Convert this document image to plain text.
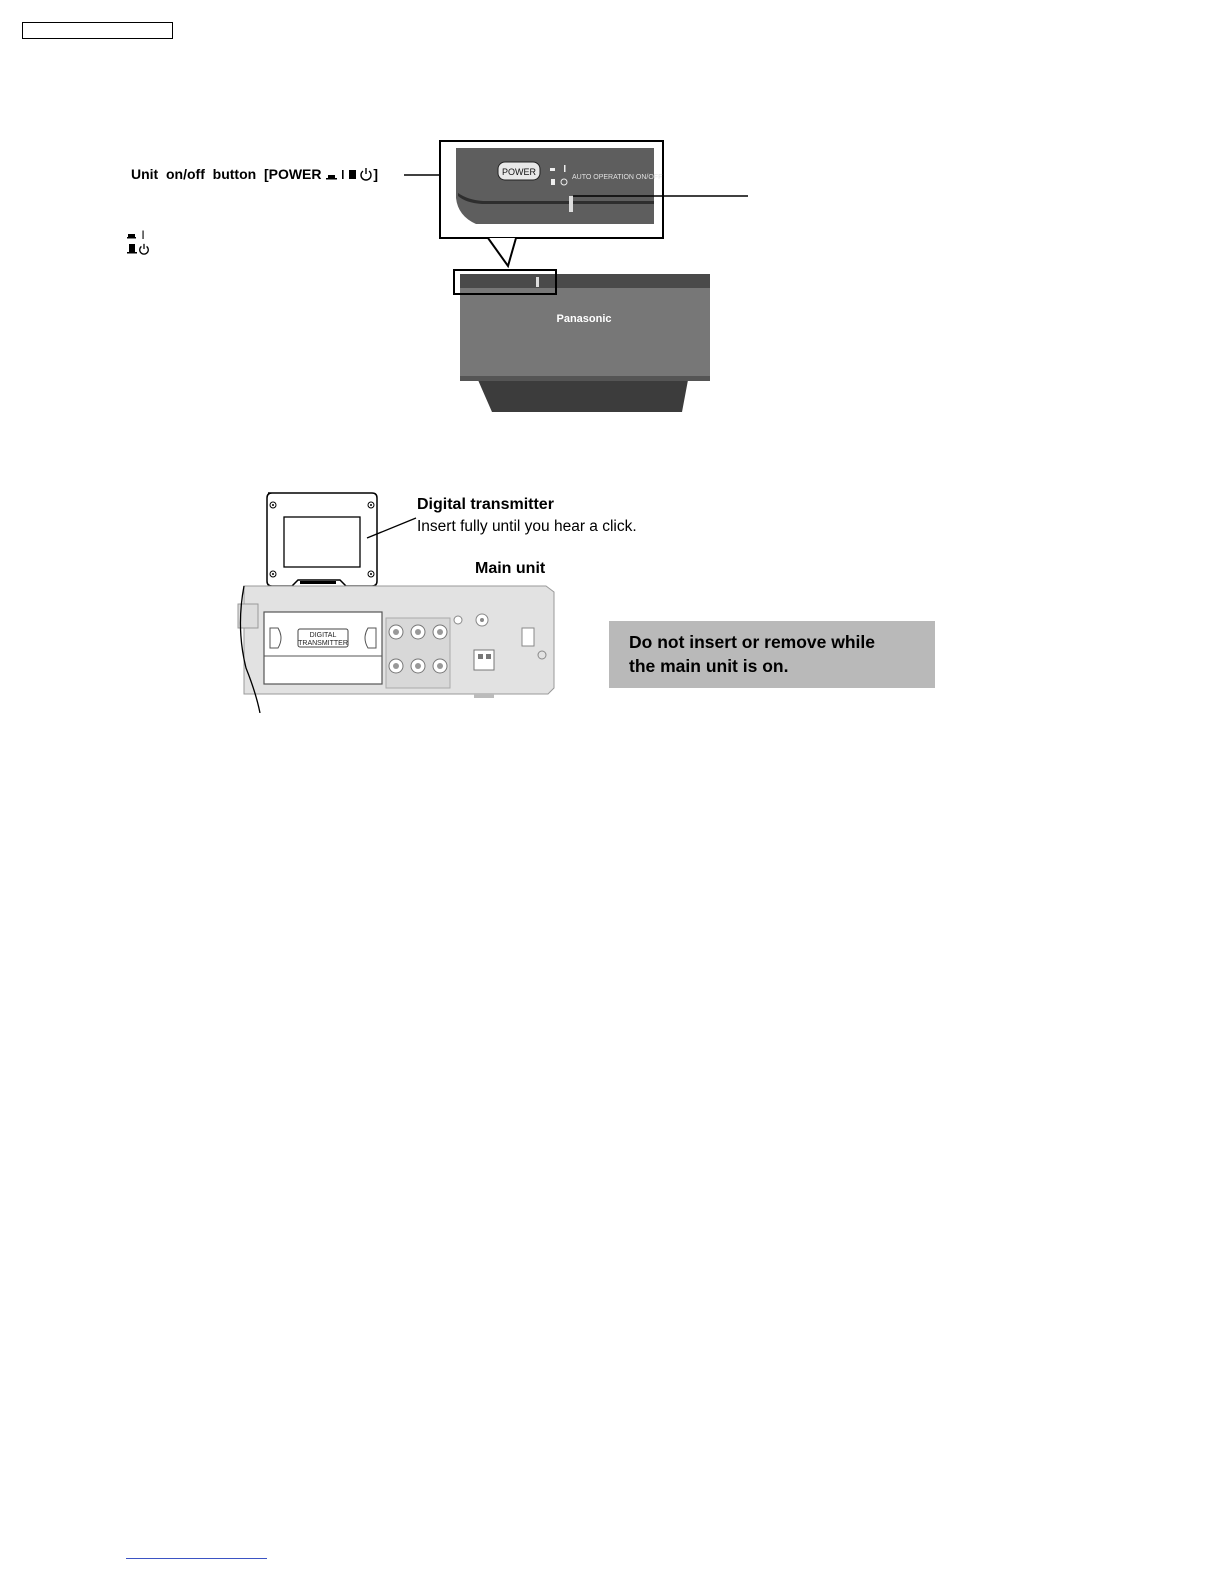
Unit  on/off  button  [POWER	]
I
POWER
AUTO OPERATION ON/OFF
Panasonic
DIGITAL
TRANSMITTER
Digital transmitter
Insert fully until you hear a click.
Main unit
Do not insert or remove while
the main unit is on.
